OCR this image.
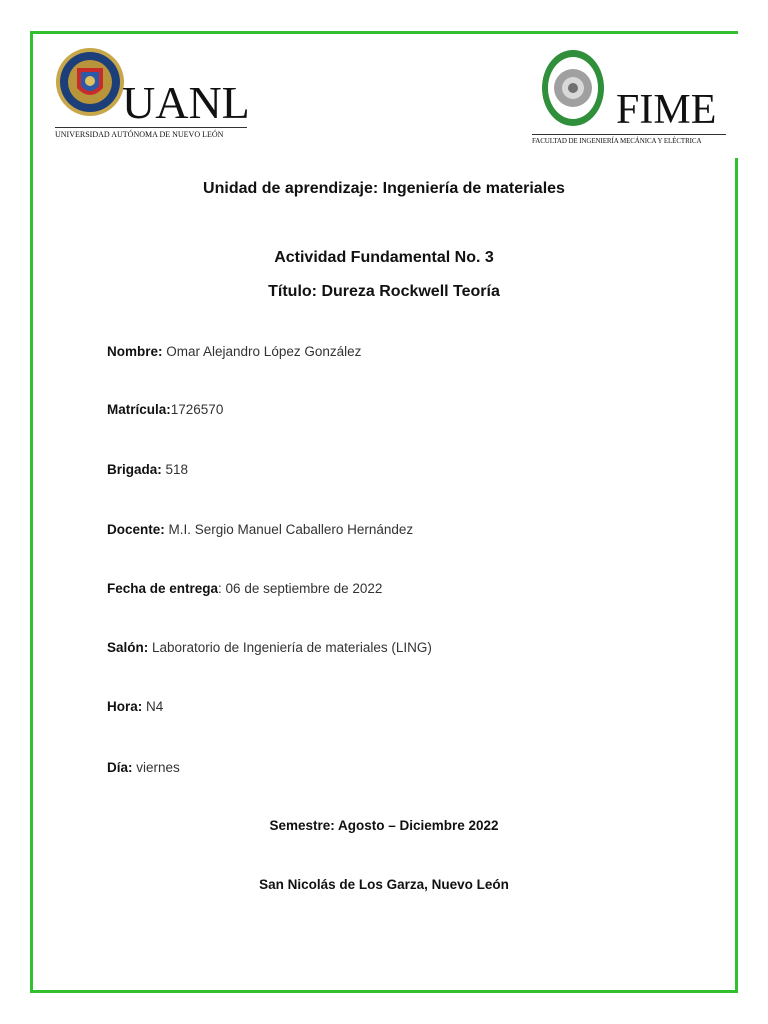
UANL
UNIVERSIDAD AUTÓNOMA DE NUEVO LEÓN
FIME
FACULTAD DE INGENIERÍA MECÁNICA Y ELÉCTRICA
Unidad de aprendizaje: Ingeniería de materiales
Actividad Fundamental No. 3
Título: Dureza Rockwell Teoría
Nombre: Omar Alejandro López González
Matrícula:1726570
Brigada: 518
Docente: M.I. Sergio Manuel Caballero Hernández
Fecha de entrega: 06 de septiembre de 2022
Salón: Laboratorio de Ingeniería de materiales (LING)
Hora: N4
Día: viernes
Semestre: Agosto – Diciembre 2022
San Nicolás de Los Garza, Nuevo León
